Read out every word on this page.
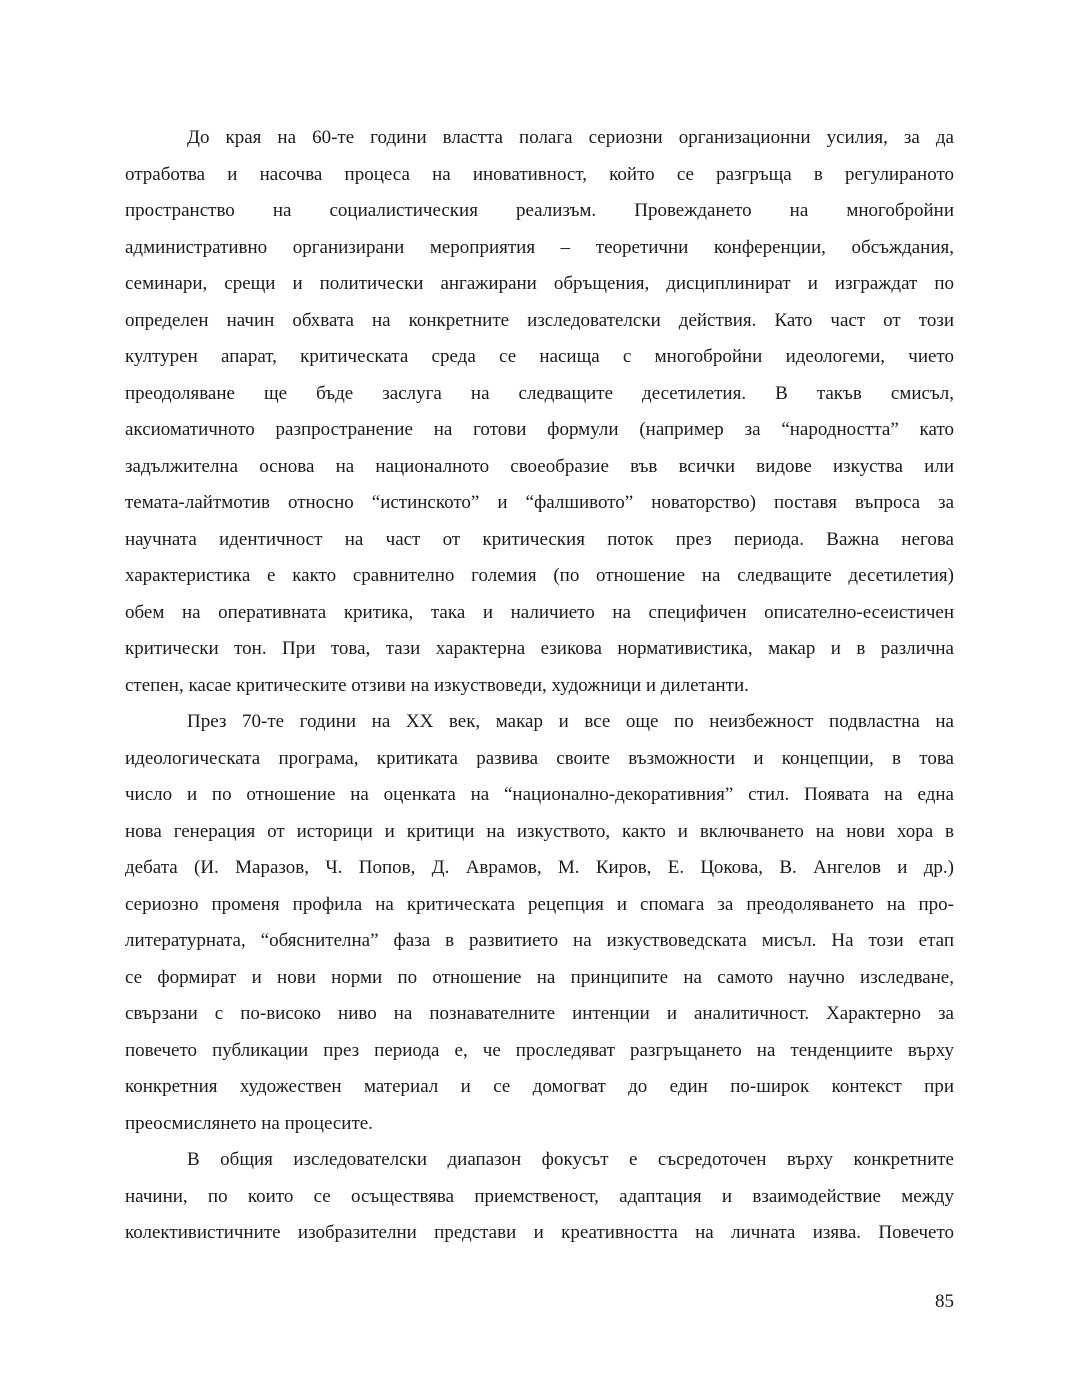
До края на 60-те години властта полага сериозни организационни усилия, за да
отработва и насочва процеса на иновативност, който се разгръща в регулираното
пространство на социалистическия реализъм. Провеждането на многобройни
административно организирани мероприятия – теоретични конференции, обсъждания,
семинари, срещи и политически ангажирани обръщения, дисциплинират и изграждат по
определен начин обхвата на конкретните изследователски действия. Като част от този
културен апарат, критическата среда се насища с многобройни идеологеми, чието
преодоляване ще бъде заслуга на следващите десетилетия. В такъв смисъл,
аксиоматичното разпространение на готови формули (например за “народността” като
задължителна основа на националното своеобразие във всички видове изкуства или
темата-лайтмотив относно “истинското” и “фалшивото” новаторство) поставя въпроса за
научната идентичност на част от критическия поток през периода. Важна негова
характеристика е както сравнително големия (по отношение на следващите десетилетия)
обем на оперативната критика, така и наличието на специфичен описателно-есеистичен
критически тон. При това, тази характерна езикова нормативистика, макар и в различна
степен, касае критическите отзиви на изкуствоведи, художници и дилетанти.
През 70-те години на XX век, макар и все още по неизбежност подвластна на
идеологическата програма, критиката развива своите възможности и концепции, в това
число и по отношение на оценката на “национално-декоративния” стил. Появата на една
нова генерация от историци и критици на изкуството, както и включването на нови хора в
дебата (И. Маразов, Ч. Попов, Д. Аврамов, М. Киров, Е. Цокова, В. Ангелов и др.)
сериозно променя профила на критическата рецепция и спомага за преодоляването на про-
литературната, “обяснителна” фаза в развитието на изкуствоведската мисъл. На този етап
се формират и нови норми по отношение на принципите на самото научно изследване,
свързани с по-високо ниво на познавателните интенции и аналитичност. Характерно за
повечето публикации през периода е, че проследяват разгръщането на тенденциите върху
конкретния художествен материал и се домогват до един по-широк контекст при
преосмислянето на процесите.
В общия изследователски диапазон фокусът е съсредоточен върху конкретните
начини, по които се осъществява приемственост, адаптация и взаимодействие между
колективистичните изобразителни представи и креативността на личната изява. Повечето
85
